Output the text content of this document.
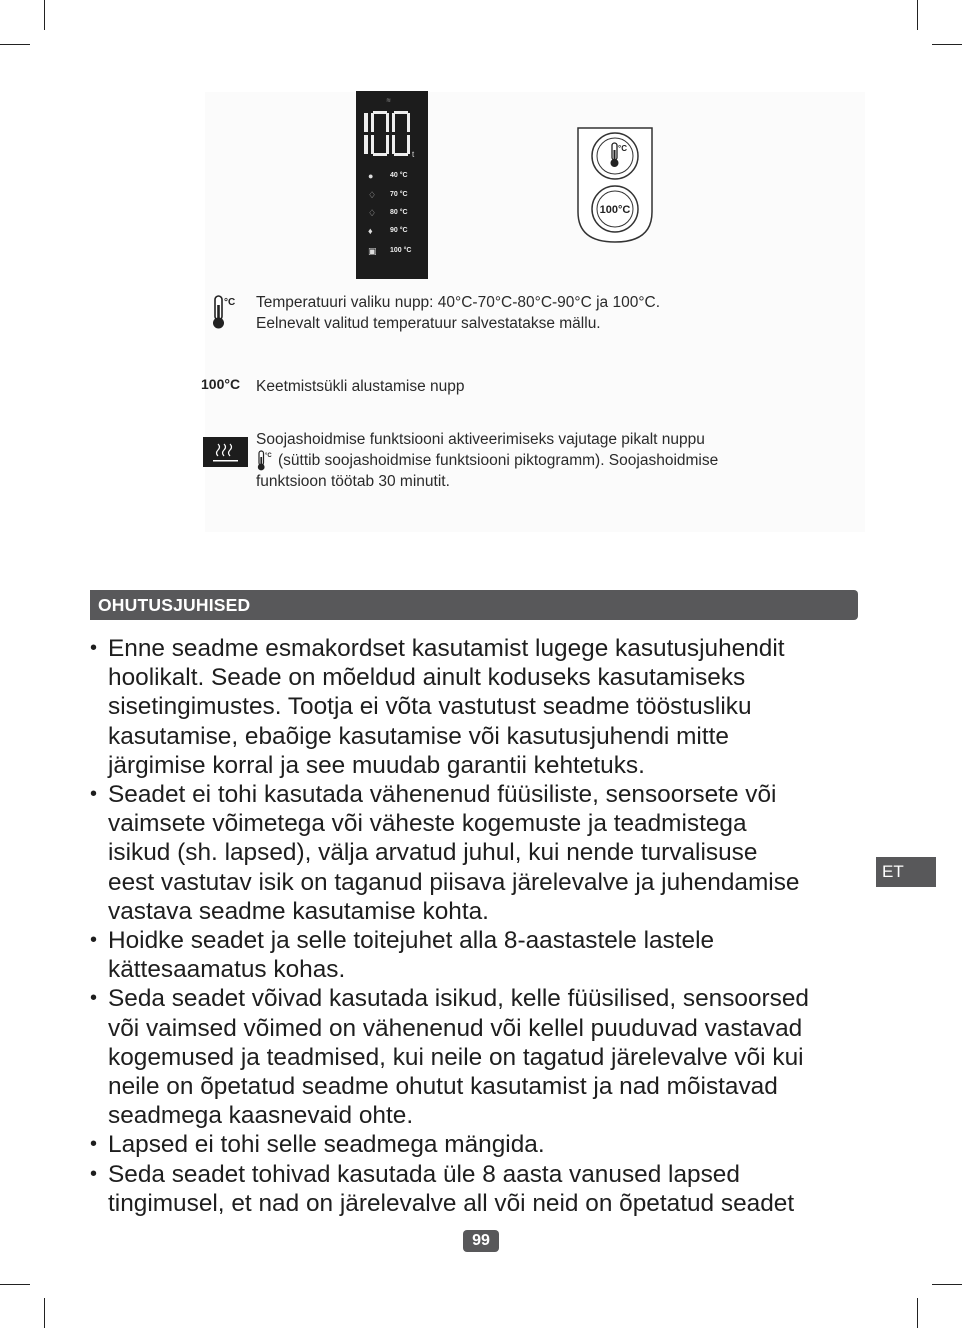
≋
t
●	40 °C
♢	70 °C
♢	80 °C
♦	90 °C
▣	100 °C
°C
100°C
°C Temperatuuri valiku nupp: 40°C-70°C-80°C-90°C ja 100°C.
Eelnevalt valitud temperatuur salvestatakse mällu.
100°C Keetmistsükli alustamise nupp
Soojashoidmise funktsiooni aktiveerimiseks vajutage pikalt nuppu
°C (süttib soojashoidmise funktsiooni piktogramm). Soojashoidmise
funktsioon töötab 30 minutit.
OHUTUSJUHISED
• Enne seadme esmakordset kasutamist lugege kasutusjuhendit
hoolikalt. Seade on mõeldud ainult koduseks kasutamiseks
sisetingimustes. Tootja ei võta vastutust seadme tööstusliku
kasutamise, ebaõige kasutamise või kasutusjuhendi mitte
järgimise korral ja see muudab garantii kehtetuks.
• Seadet ei tohi kasutada vähenenud füüsiliste, sensoorsete või
vaimsete võimetega või väheste kogemuste ja teadmistega
isikud (sh. lapsed), välja arvatud juhul, kui nende turvalisuse
eest vastutav isik on taganud piisava järelevalve ja juhendamise
vastava seadme kasutamise kohta.
• Hoidke seadet ja selle toitejuhet alla 8-aastastele lastele
kättesaamatus kohas.
• Seda seadet võivad kasutada isikud, kelle füüsilised, sensoorsed
või vaimsed võimed on vähenenud või kellel puuduvad vastavad
kogemused ja teadmised, kui neile on tagatud järelevalve või kui
neile on õpetatud seadme ohutut kasutamist ja nad mõistavad
seadmega kaasnevaid ohte.
• Lapsed ei tohi selle seadmega mängida.
• Seda seadet tohivad kasutada üle 8 aasta vanused lapsed
tingimusel, et nad on järelevalve all või neid on õpetatud seadet
ET
99
